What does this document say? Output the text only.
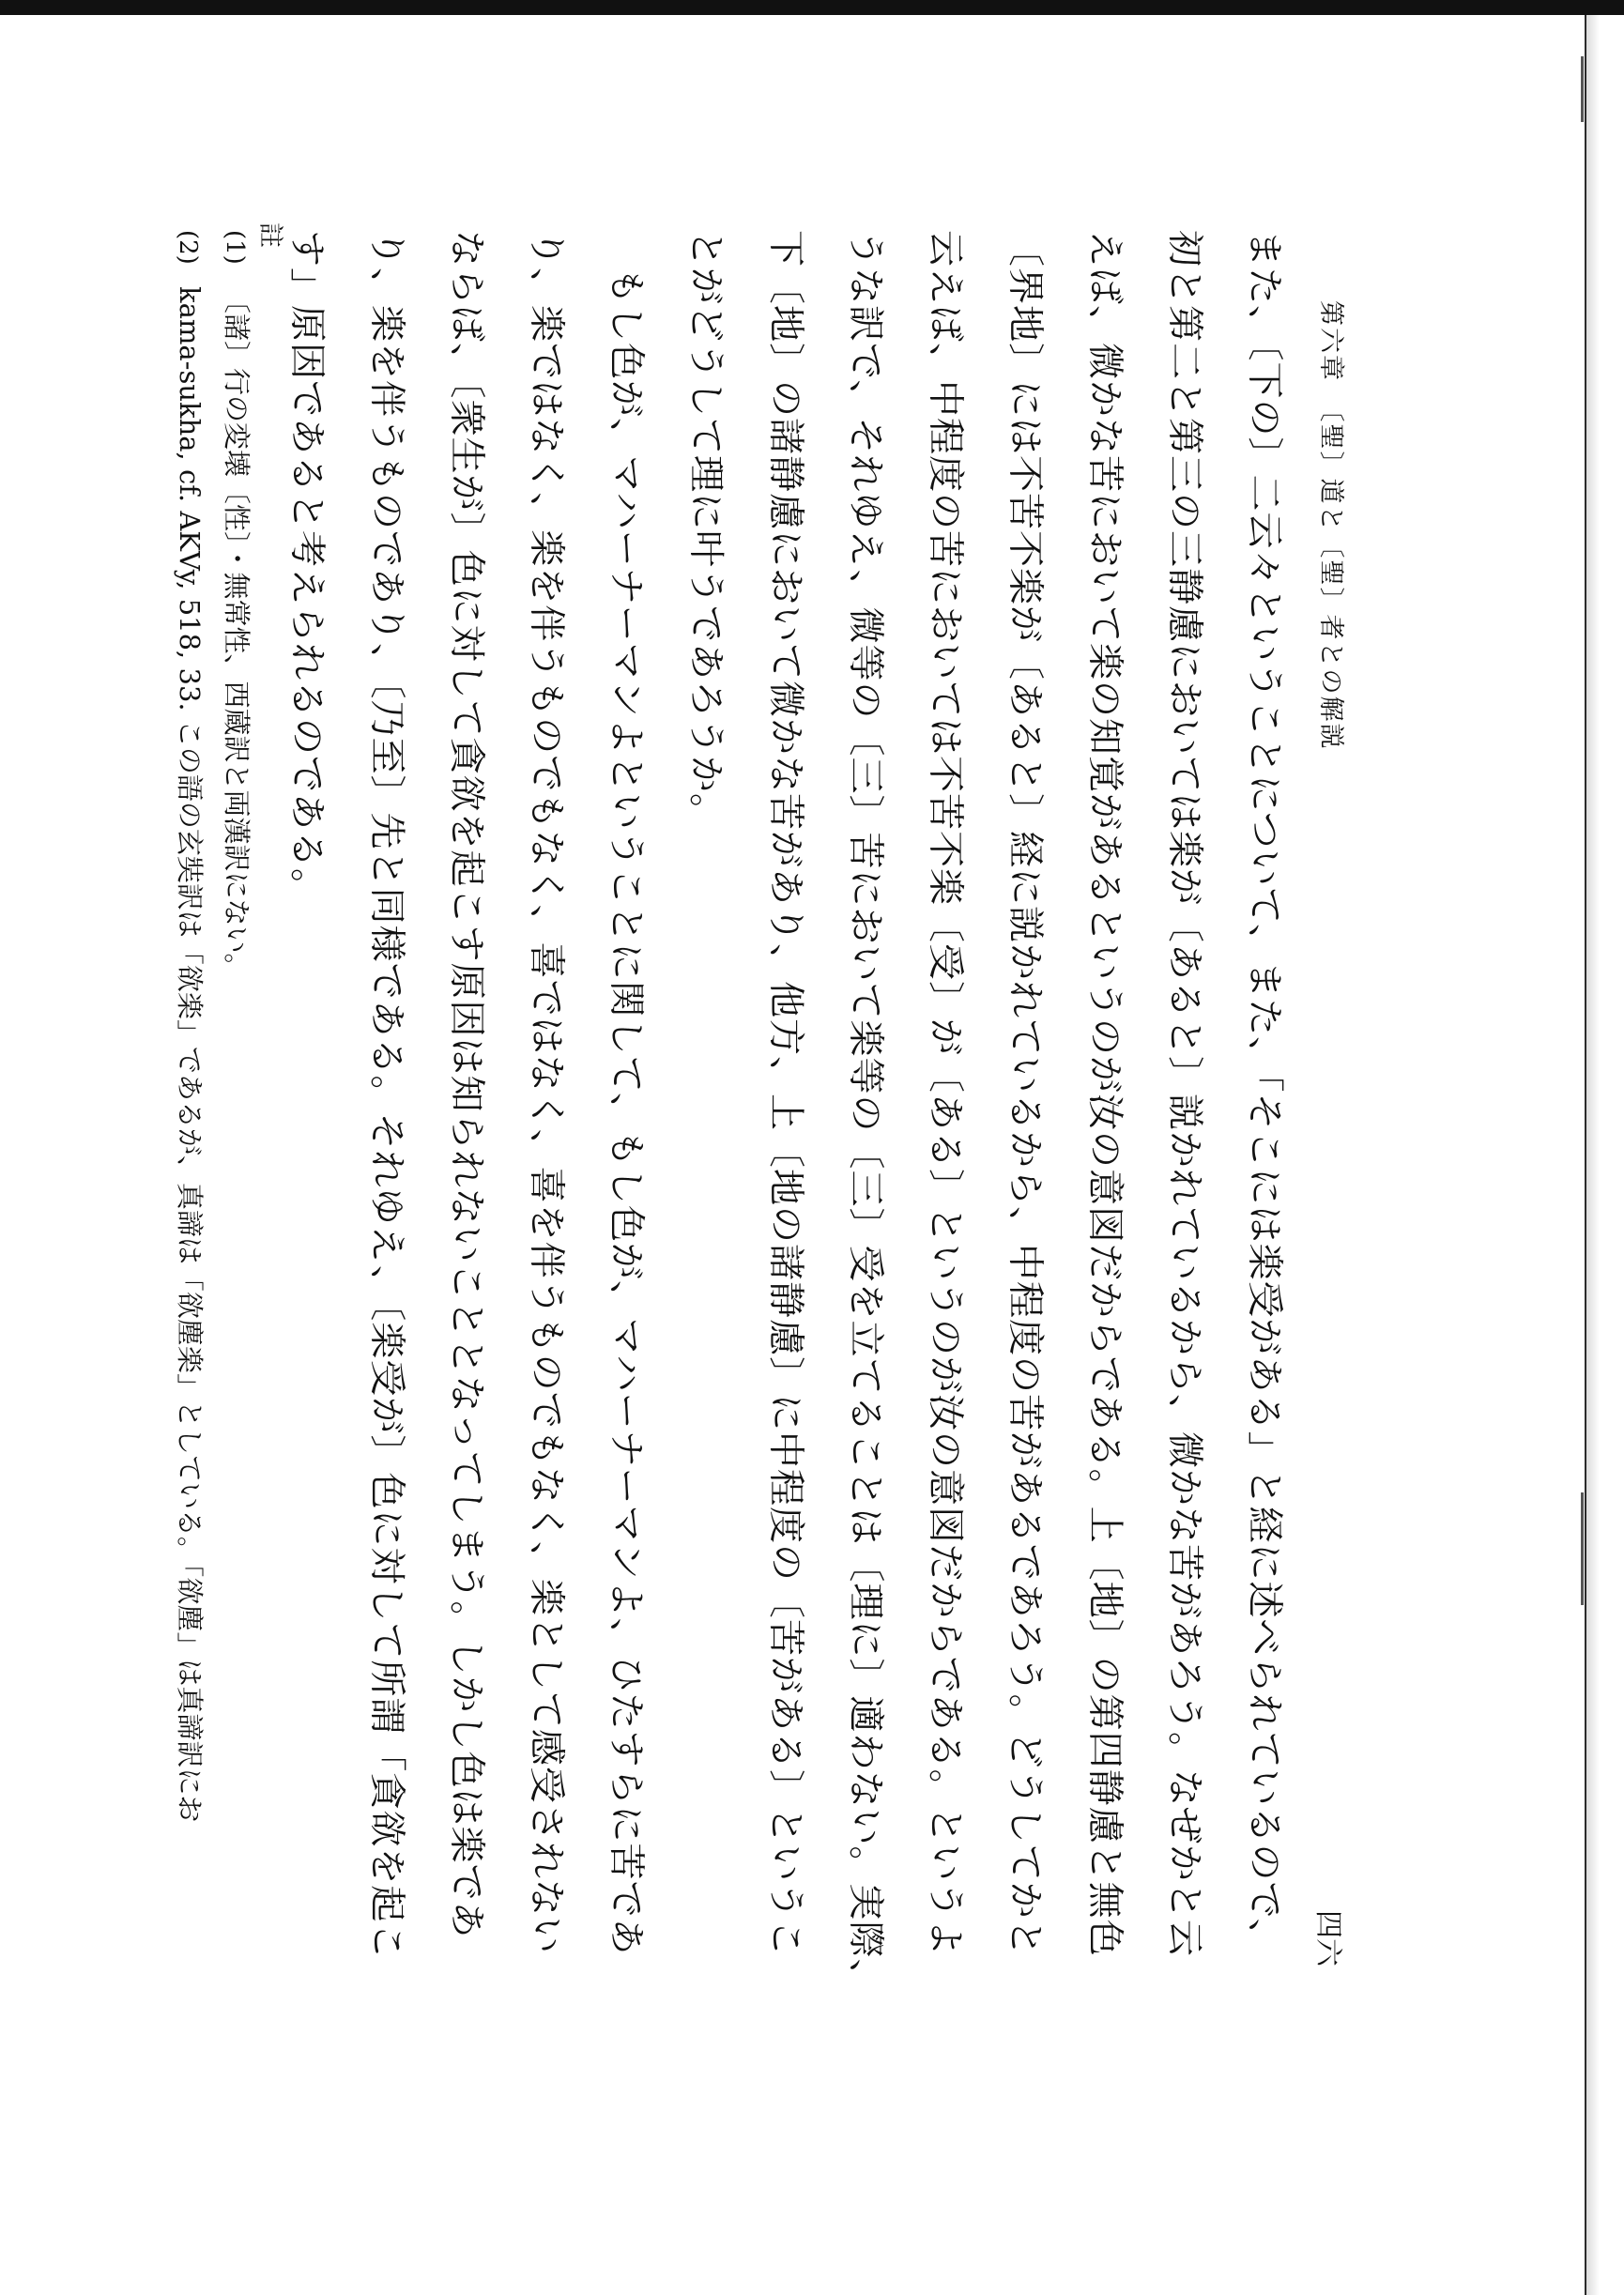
第六章　〔聖〕道と〔聖〕者との解説
四六
また、〔下の〕二云々ということについて、また、「そこには楽受がある」と経に述べられているので、
初と第二と第三の三静慮においては楽が〔あると〕説かれているから、微かな苦があろう。なぜかと云
えば、微かな苦において楽の知覚があるというのが汝の意図だからである。上〔地〕の第四静慮と無色
〔界地〕には不苦不楽が〔あると〕経に説かれているから、中程度の苦があるであろう。どうしてかと
云えば、中程度の苦においては不苦不楽〔受〕が〔ある〕というのが汝の意図だからである。というよ
うな訳で、それゆえ、微等の〔三〕苦において楽等の〔三〕受を立てることは〔理に〕適わない。実際、
下〔地〕の諸静慮において微かな苦があり、他方、上〔地の諸静慮〕に中程度の〔苦がある〕というこ
とがどうして理に叶うであろうか。
　もし色が、マハーナーマンよということに関して、もし色が、マハーナーマンよ、ひたすらに苦であ
り、楽ではなく、楽を伴うものでもなく、喜ではなく、喜を伴うものでもなく、楽として感受されない
ならば、〔衆生が〕色に対して貪欲を起こす原因は知られないこととなってしまう。しかし色は楽であ
り、楽を伴うものであり、〔乃至〕先と同様である。それゆえ、〔楽受が〕色に対して所謂「貪欲を起こ
す」原因であると考えられるのである。
註
(1)〔諸〕行の変壊〔性〕・無常性、西蔵訳と両漢訳にない。
(2)kama-sukha, cf. AKVy, 518, 33. この語の玄奘訳は「欲楽」であるが、真諦は「欲塵楽」としている。「欲塵」は真諦訳にお
